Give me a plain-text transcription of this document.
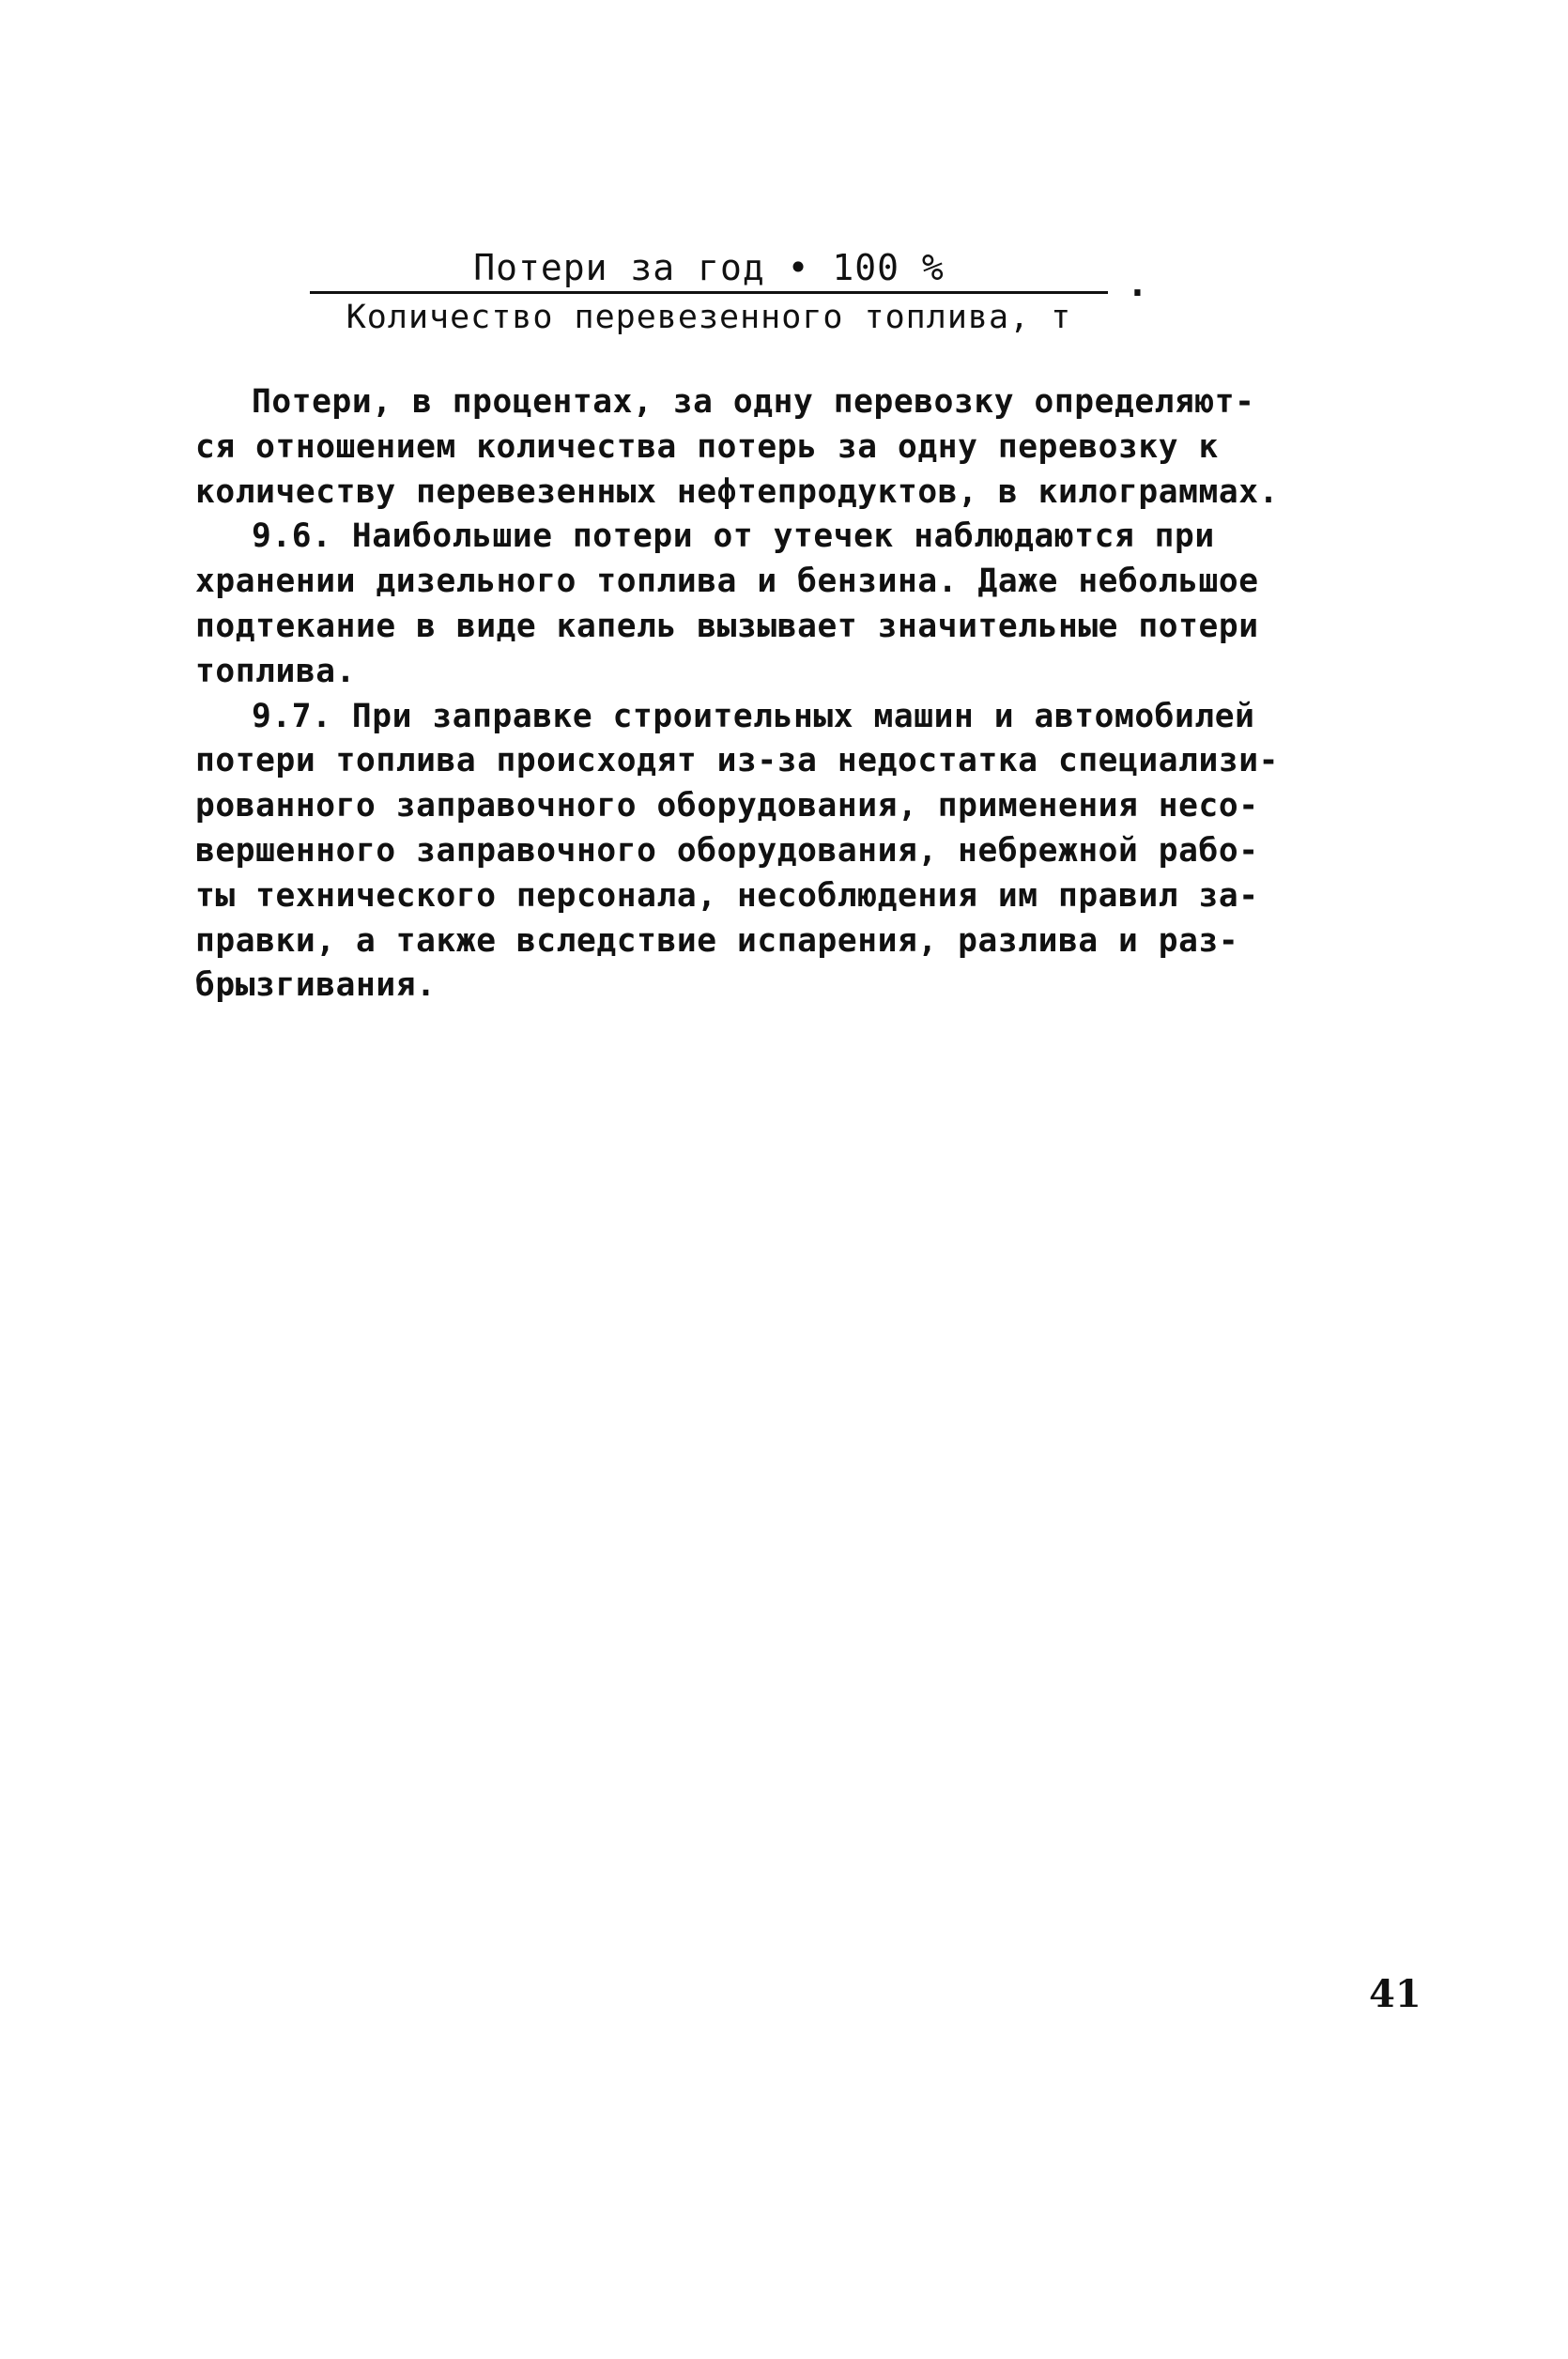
Потери за год • 100 %
Количество перевезенного топлива, т
.
Потери, в процентах, за одну перевозку определяют-
ся отношением количества потерь за одну перевозку к
количеству перевезенных нефтепродуктов, в килограммах.
9.6. Наибольшие потери от утечек наблюдаются при
хранении дизельного топлива и бензина. Даже небольшое
подтекание в виде капель вызывает значительные потери
топлива.
9.7. При заправке строительных машин и автомобилей
потери топлива происходят из-за недостатка специализи-
рованного заправочного оборудования, применения несо-
вершенного заправочного оборудования, небрежной рабо-
ты технического персонала, несоблюдения им правил за-
правки, а также вследствие испарения, разлива и раз-
брызгивания.
41
